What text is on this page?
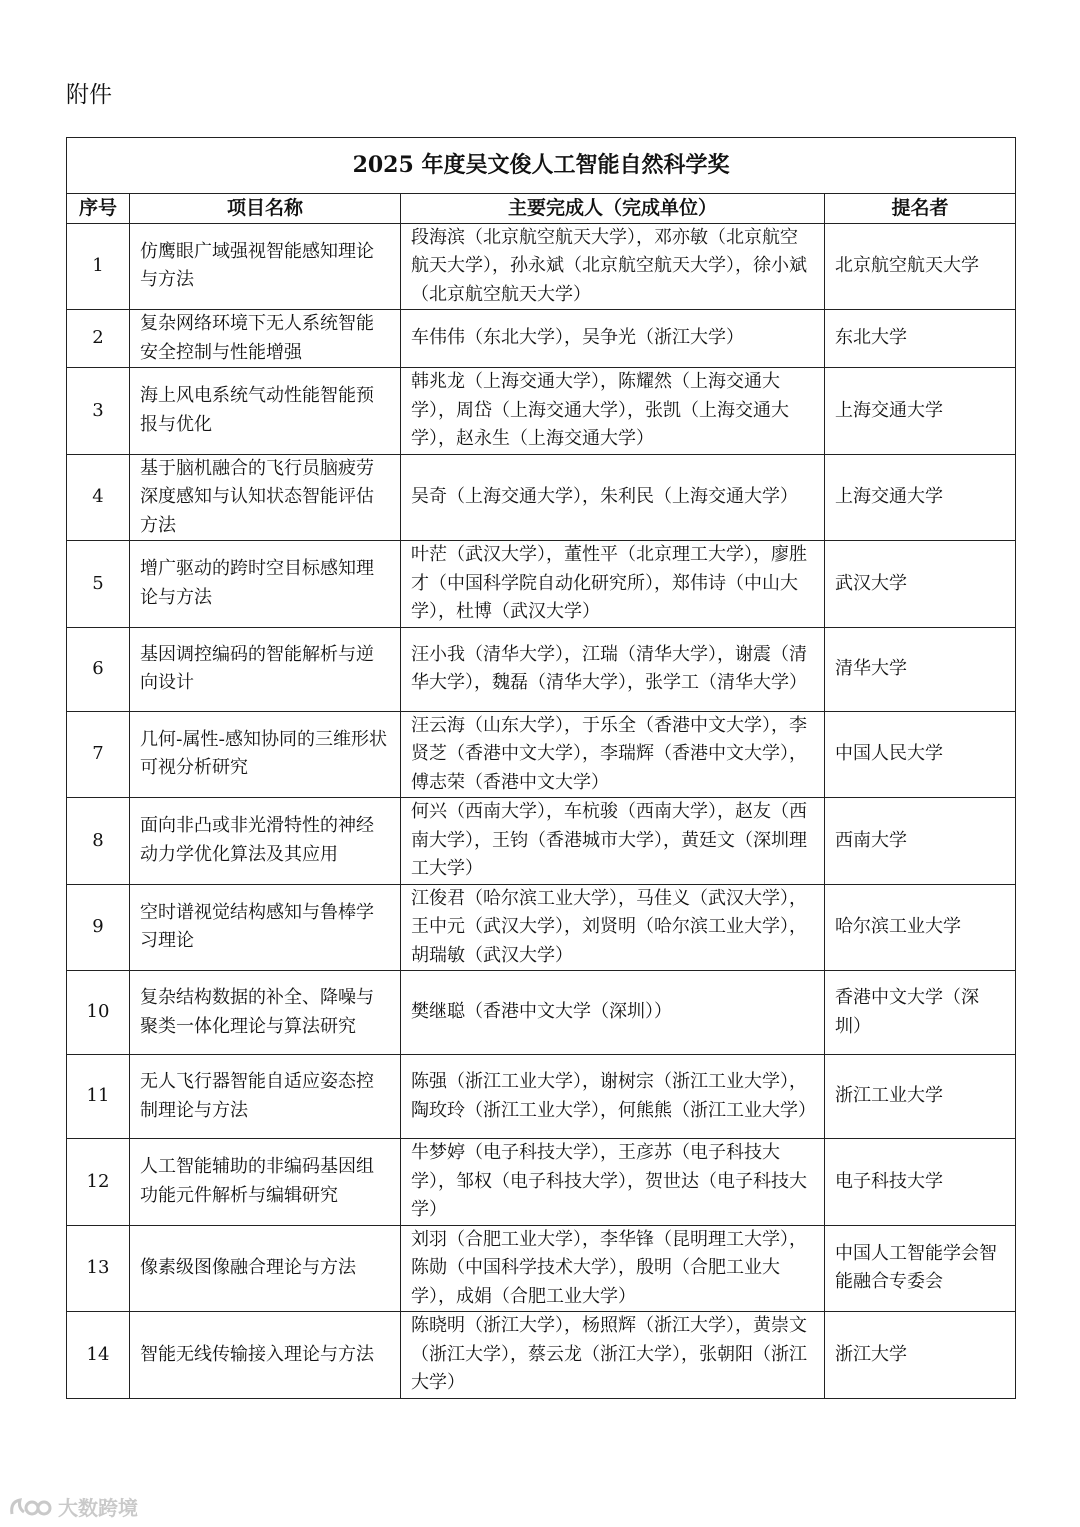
附件
2025 年度吴文俊人工智能自然科学奖			
序号	项目名称	主要完成人（完成单位）	提名者
1	仿鹰眼广域强视智能感知理论与方法	段海滨（北京航空航天大学），邓亦敏（北京航空航天大学），孙永斌（北京航空航天大学），徐小斌（北京航空航天大学）	北京航空航天大学
2	复杂网络环境下无人系统智能安全控制与性能增强	车伟伟（东北大学），吴争光（浙江大学）	东北大学
3	海上风电系统气动性能智能预报与优化	韩兆龙（上海交通大学），陈耀然（上海交通大学），周岱（上海交通大学），张凯（上海交通大学），赵永生（上海交通大学）	上海交通大学
4	基于脑机融合的飞行员脑疲劳深度感知与认知状态智能评估方法	吴奇（上海交通大学），朱利民（上海交通大学）	上海交通大学
5	增广驱动的跨时空目标感知理论与方法	叶茫（武汉大学），董性平（北京理工大学），廖胜才（中国科学院自动化研究所），郑伟诗（中山大学），杜博（武汉大学）	武汉大学
6	基因调控编码的智能解析与逆向设计	汪小我（清华大学），江瑞（清华大学），谢震（清华大学），魏磊（清华大学），张学工（清华大学）	清华大学
7	几何-属性-感知协同的三维形状可视分析研究	汪云海（山东大学），于乐全（香港中文大学），李贤芝（香港中文大学），李瑞辉（香港中文大学），傅志荣（香港中文大学）	中国人民大学
8	面向非凸或非光滑特性的神经动力学优化算法及其应用	何兴（西南大学），车杭骏（西南大学），赵友（西南大学），王钧（香港城市大学），黄廷文（深圳理工大学）	西南大学
9	空时谱视觉结构感知与鲁棒学习理论	江俊君（哈尔滨工业大学），马佳义（武汉大学），王中元（武汉大学），刘贤明（哈尔滨工业大学），胡瑞敏（武汉大学）	哈尔滨工业大学
10	复杂结构数据的补全、降噪与聚类一体化理论与算法研究	樊继聪（香港中文大学（深圳））	香港中文大学（深圳）
11	无人飞行器智能自适应姿态控制理论与方法	陈强（浙江工业大学），谢树宗（浙江工业大学），陶玫玲（浙江工业大学），何熊熊（浙江工业大学）	浙江工业大学
12	人工智能辅助的非编码基因组功能元件解析与编辑研究	牛梦婷（电子科技大学），王彦苏（电子科技大学），邹权（电子科技大学），贺世达（电子科技大学）	电子科技大学
13	像素级图像融合理论与方法	刘羽（合肥工业大学），李华锋（昆明理工大学），陈勋（中国科学技术大学），殷明（合肥工业大学），成娟（合肥工业大学）	中国人工智能学会智能融合专委会
14	智能无线传输接入理论与方法	陈晓明（浙江大学），杨照辉（浙江大学），黄崇文（浙江大学），蔡云龙（浙江大学），张朝阳（浙江大学）	浙江大学
大数跨境
